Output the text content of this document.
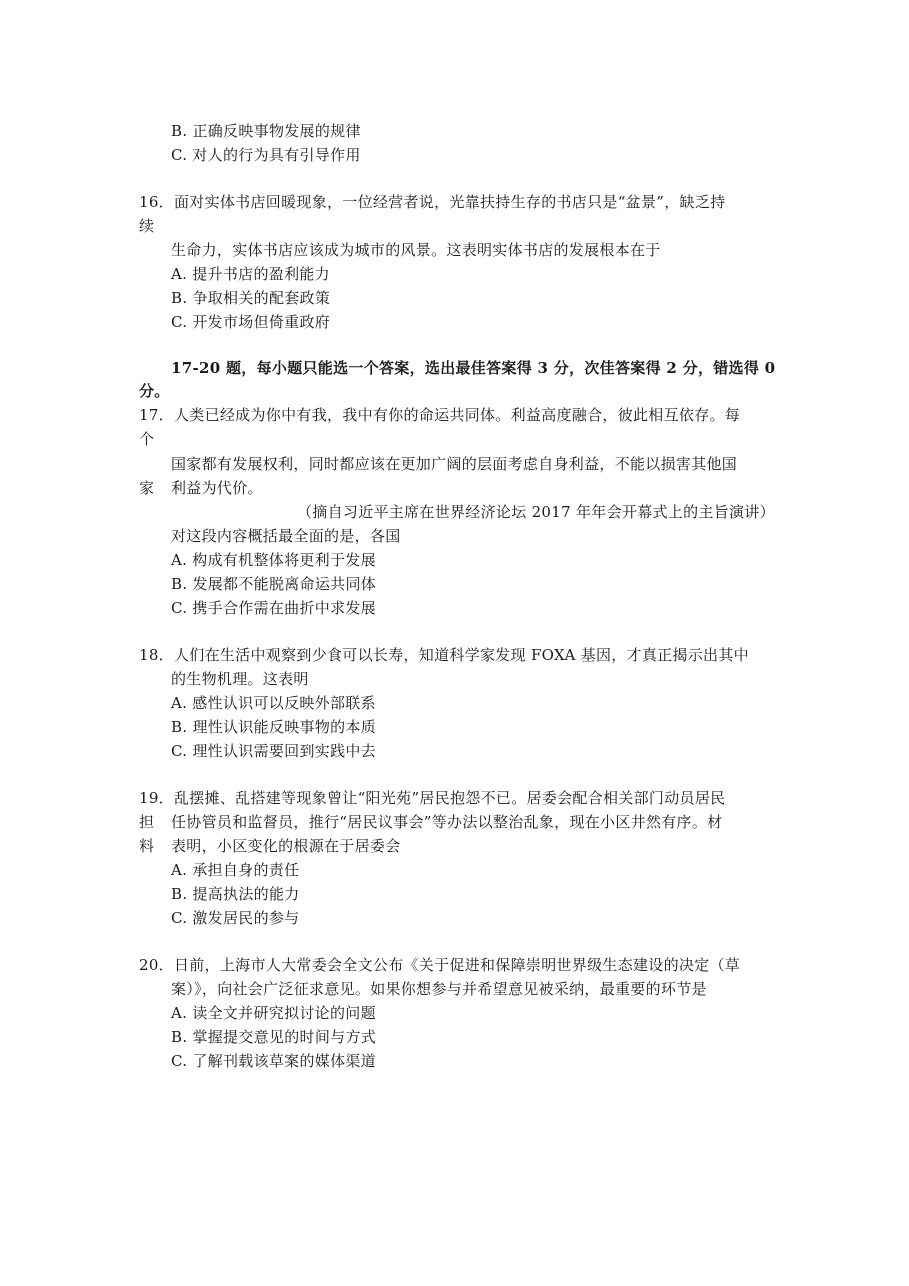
B. 正确反映事物发展的规律
C. 对人的行为具有引导作用
16．面对实体书店回暖现象，一位经营者说，光靠扶持生存的书店只是“盆景”，缺乏持
续
生命力，实体书店应该成为城市的风景。这表明实体书店的发展根本在于
A. 提升书店的盈利能力
B. 争取相关的配套政策
C. 开发市场但倚重政府
17-20 题，每小题只能选一个答案，选出最佳答案得 3 分，次佳答案得 2 分，错选得 0
分。
17．人类已经成为你中有我，我中有你的命运共同体。利益高度融合，彼此相互依存。每
个
国家都有发展权利，同时都应该在更加广阔的层面考虑自身利益，不能以损害其他国
家 利益为代价。
（摘自习近平主席在世界经济论坛 2017 年年会开幕式上的主旨演讲）
对这段内容概括最全面的是，各国
A. 构成有机整体将更利于发展
B. 发展都不能脱离命运共同体
C. 携手合作需在曲折中求发展
18．人们在生活中观察到少食可以长寿，知道科学家发现 FOXA 基因，才真正揭示出其中
的生物机理。这表明
A. 感性认识可以反映外部联系
B. 理性认识能反映事物的本质
C. 理性认识需要回到实践中去
19．乱摆摊、乱搭建等现象曾让“阳光苑”居民抱怨不已。居委会配合相关部门动员居民
担 任协管员和监督员，推行“居民议事会”等办法以整治乱象，现在小区井然有序。材
料 表明，小区变化的根源在于居委会
A. 承担自身的责任
B. 提高执法的能力
C. 激发居民的参与
20．日前，上海市人大常委会全文公布《关于促进和保障崇明世界级生态建设的决定（草
案）》，向社会广泛征求意见。如果你想参与并希望意见被采纳，最重要的环节是
A. 读全文并研究拟讨论的问题
B. 掌握提交意见的时间与方式
C. 了解刊载该草案的媒体渠道
